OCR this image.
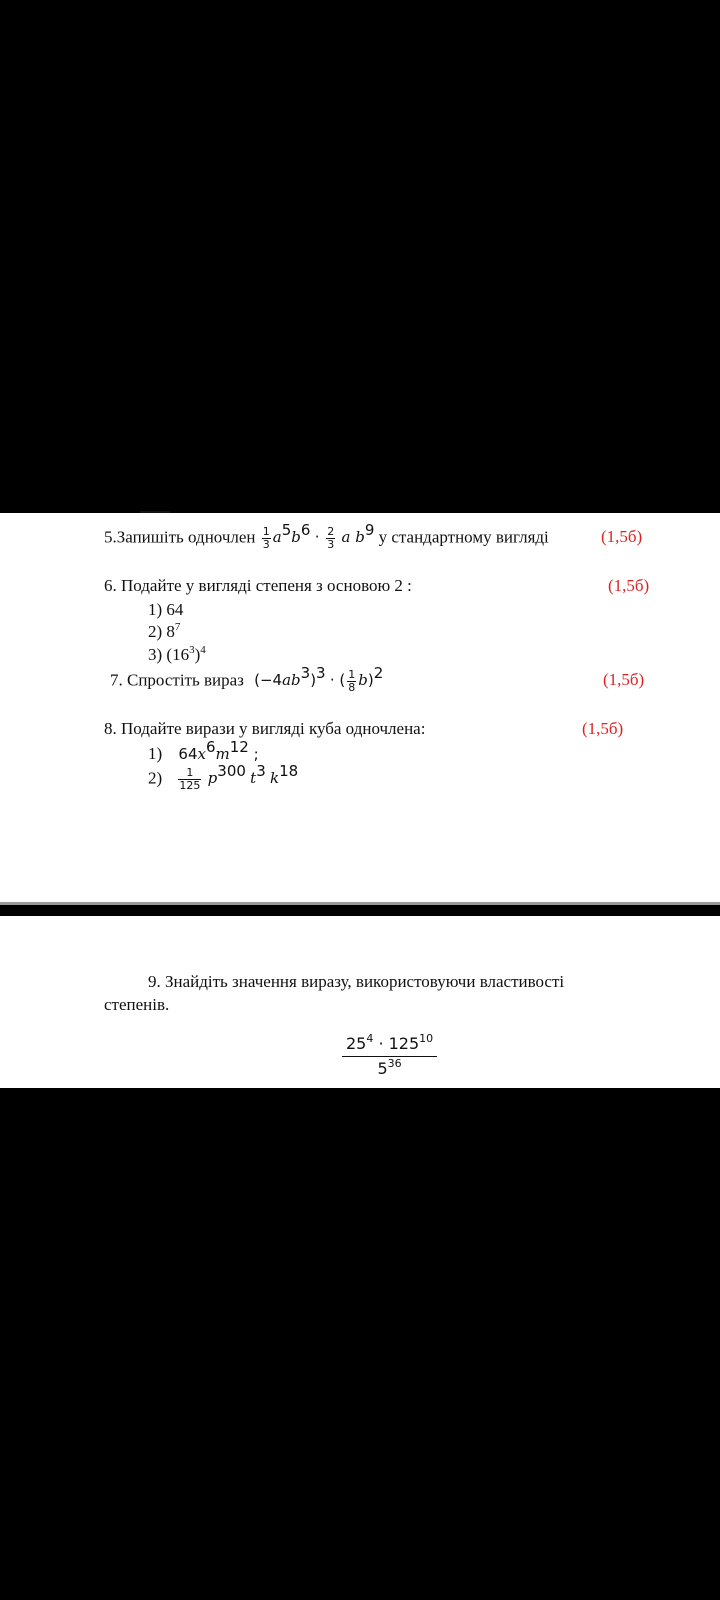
5.Запишіть одночлен $\frac{1}{3} a^5b^6 \cdot \frac{2}{3}$ a $b^9$ у стандартному вигляді	(1,5б)
6. Подайте у вигляді степеня з основою 2 :	(1,5б)
1) 64
2) $8^7$
3) $(16^3)^4$
7. Спростіть вираз $(-4ab^3)^3$ · ( $\frac{1}{8} b)^2$	(1,5б)
8. Подайте вирази у вигляді куба одночлена:	(1,5б)
1) $64x^6m^{12}$ ;
$2) \frac{1}{125} p^{300}$ $t^3$ $k^{18}$
9. Знайдіть значення виразу, використовуючи властивості
степенів.
$\frac{25^4 \cdot 125^{10}}{5^{36}}$
